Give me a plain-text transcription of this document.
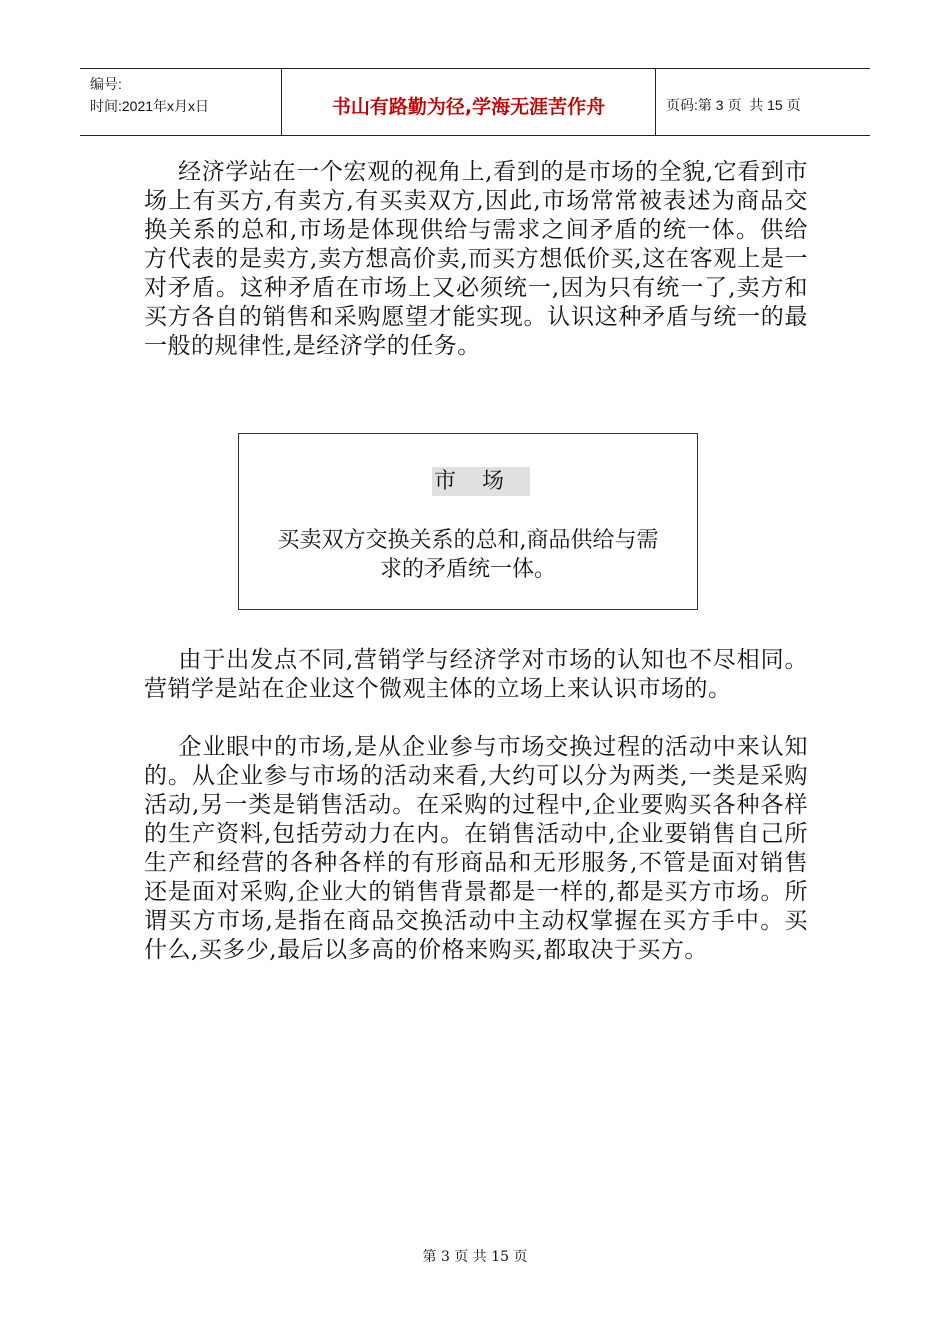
编号:
时间:2021年x月x日	书山有路勤为径,学海无涯苦作舟	页码:第 3 页  共 15 页
经济学站在一个宏观的视角上,看到的是市场的全貌,它看到市场上有买方,有卖方,有买卖双方,因此,市场常常被表述为商品交换关系的总和,市场是体现供给与需求之间矛盾的统一体。供给方代表的是卖方,卖方想高价卖,而买方想低价买,这在客观上是一对矛盾。这种矛盾在市场上又必须统一,因为只有统一了,卖方和买方各自的销售和采购愿望才能实现。认识这种矛盾与统一的最一般的规律性,是经济学的任务。
市场
买卖双方交换关系的总和,商品供给与需
求的矛盾统一体。
由于出发点不同,营销学与经济学对市场的认知也不尽相同。营销学是站在企业这个微观主体的立场上来认识市场的。
企业眼中的市场,是从企业参与市场交换过程的活动中来认知的。从企业参与市场的活动来看,大约可以分为两类,一类是采购活动,另一类是销售活动。在采购的过程中,企业要购买各种各样的生产资料,包括劳动力在内。在销售活动中,企业要销售自己所生产和经营的各种各样的有形商品和无形服务,不管是面对销售还是面对采购,企业大的销售背景都是一样的,都是买方市场。所谓买方市场,是指在商品交换活动中主动权掌握在买方手中。买什么,买多少,最后以多高的价格来购买,都取决于买方。
第 3 页 共 15 页
